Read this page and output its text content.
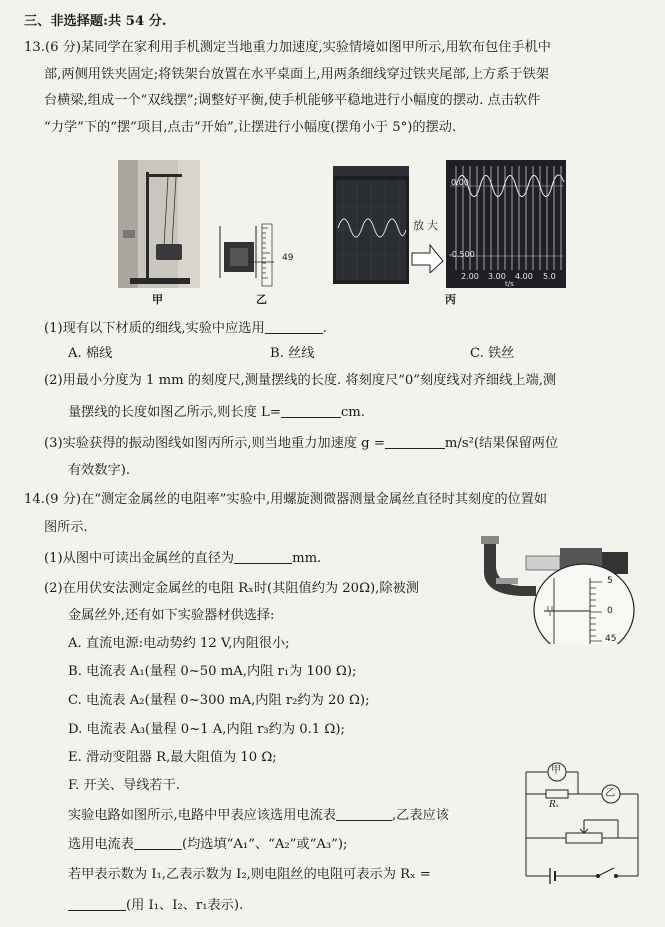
三、非选择题:共 54 分.
13.(6 分)某同学在家利用手机测定当地重力加速度,实验情境如图甲所示,用软布包住手机中
部,两侧用铁夹固定;将铁架台放置在水平桌面上,用两条细线穿过铁夹尾部,上方系于铁架
台横梁,组成一个“双线摆”;调整好平衡,使手机能够平稳地进行小幅度的摆动. 点击软件
“力学”下的“摆”项目,点击“开始”,让摆进行小幅度(摆角小于 5°)的摆动.
甲
49
乙
放 大
0.00
-0.500
2.00 3.00 4.00 5.0
t/s
丙
(1)现有以下材质的细线,实验中应选用	.
A. 棉线	B. 丝线	C. 铁丝
(2)用最小分度为 1 mm 的刻度尺,测量摆线的长度. 将刻度尺“0”刻度线对齐细线上端,测
量摆线的长度如图乙所示,则长度 L=	cm.
(3)实验获得的振动图线如图丙所示,则当地重力加速度 g =	m/s²(结果保留两位
有效数字).
14.(9 分)在“测定金属丝的电阻率”实验中,用螺旋测微器测量金属丝直径时其刻度的位置如
图所示.
5
0
45
(1)从图中可读出金属丝的直径为	mm.
(2)在用伏安法测定金属丝的电阻 Rₓ时(其阻值约为 20Ω),除被测
金属丝外,还有如下实验器材供选择:
A. 直流电源:电动势约 12 V,内阻很小;
B. 电流表 A₁(量程 0~50 mA,内阻 r₁为 100 Ω);
C. 电流表 A₂(量程 0~300 mA,内阻 r₂约为 20 Ω);
D. 电流表 A₃(量程 0~1 A,内阻 r₃约为 0.1 Ω);
E. 滑动变阻器 R,最大阻值为 10 Ω;
F. 开关、导线若干.
甲
乙
Rₓ
实验电路如图所示,电路中甲表应该选用电流表	,乙表应该
选用电流表	(均选填“A₁”、“A₂”或“A₃”);
若甲表示数为 I₁,乙表示数为 I₂,则电阻丝的电阻可表示为 Rₓ =
(用 I₁、I₂、r₁表示).
